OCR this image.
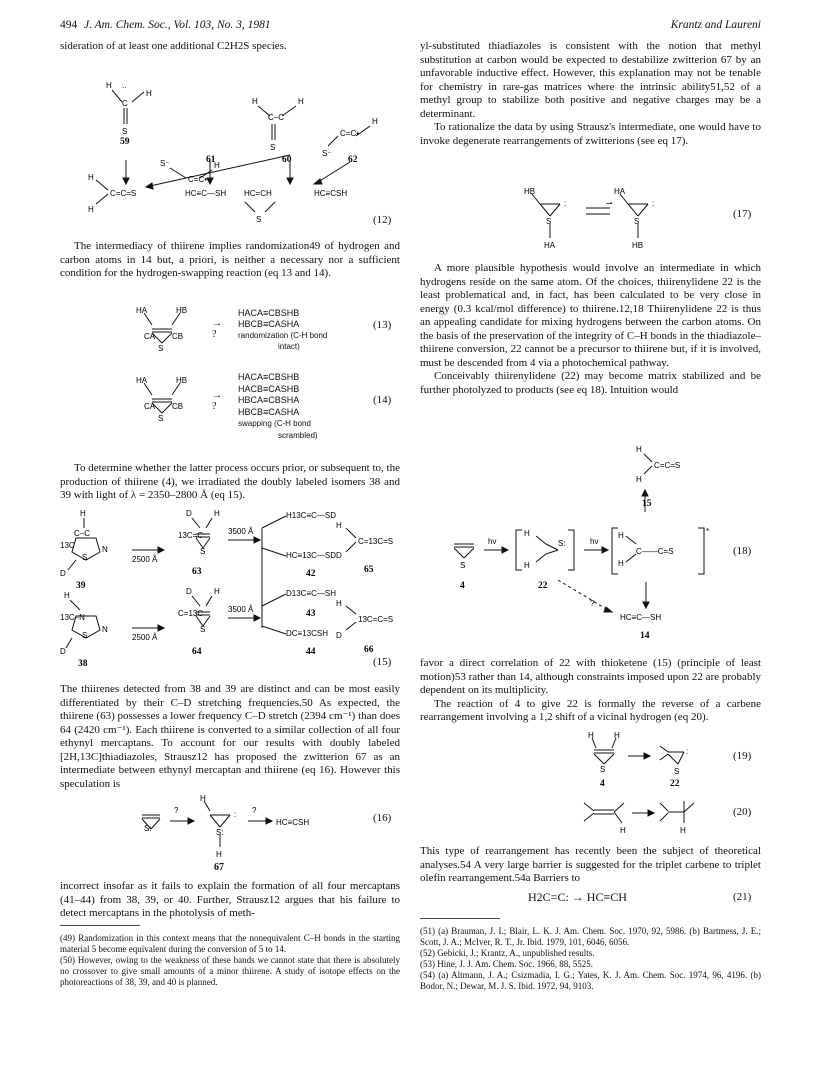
494 J. Am. Chem. Soc., Vol. 103, No. 3, 1981	Krantz and Laureni

sideration of at least one additional C2H2S species.

..
H
C
H
S
59
S⁻
C=C•
H
61
H
C–C
H
S
60
S⁻
C=C•
H
62
H
H
C=C=S	HC≡C—SH HC=CH
S
HC≡CSH
(12)

The intermediacy of thiirene implies randomization49 of hydrogen and carbon atoms in 14 but, a priori, is neither a necessary nor a sufficient condition for the hydrogen-swapping reaction (eq 13 and 14).

HA	HB
CA CB
S
→
?
HACA≡CBSHB
HBCB≡CASHA
randomization (C-H bond
intact)
(13)
HA	HB
CA CB
S
→
?
HACA≡CBSHB
HACB≡CASHB
HBCA≡CBSHA
HBCB≡CASHA
swapping (C-H bond
scrambled)
(14)

To determine whether the latter process occurs prior, or subsequent to, the production of thiirene (4), we irradiated the doubly labeled isomers 38 and 39 with light of λ = 2350–2800 Å (eq 15).

H
C–C
13C	N
S
D
39
2500 Å
D	H
13C=C
S
63
3500 Å
H13C≡C—SD
HC≡13C—SD
42
H
D
C=13C=S
65
H
13C–N
N
S
D
38
2500 Å
D	H
C=13C
S
64
3500 Å
D13C≡C—SH
DC≡13CSH
43
44
H
D
13C=C=S
66
(15)

The thiirenes detected from 38 and 39 are distinct and can be most easily differentiated by their C–D stretching frequencies.50 As expected, the thiirene (63) possesses a lower frequency C–D stretch (2394 cm⁻¹) than does 64 (2420 cm⁻¹). Each thiirene is converted to a similar collection of all four ethynyl mercaptans. To account for our results with doubly labeled [2H,13C]thiadiazoles, Strausz12 has proposed the zwitterion 67 as an intermediate between ethynyl mercaptan and thiirene (eq 16). However this speculation is

S:
?
H
:
S:
H
?
HC≡CSH
67
(16)

incorrect insofar as it fails to explain the formation of all four mercaptans (41–44) from 38, 39, or 40. Further, Strausz12 argues that his failure to detect mercaptans in the photolysis of meth-

(49) Randomization in this context means that the nonequivalent C–H bonds in the starting material 5 become equivalent during the conversion of 5 to 14.

(50) However, owing to the weakness of these bands we cannot state that there is absolutely no crossover to give small amounts of a minor thiirene. A study of isotope effects on the photoreactions of 38, 39, and 40 is planned.

yl-substituted thiadiazoles is consistent with the notion that methyl substitution at carbon would be expected to destabilize zwitterion 67 by an unfavorable inductive effect. However, this explanation may not be tenable for chemistry in rare-gas matrices where the intrinsic ability51,52 of a methyl group to stabilize both positive and negative charges may be a determinant.

To rationalize the data by using Strausz's intermediate, one would have to invoke degenerate rearrangements of zwitterions (see eq 17).

HB
:
S
HA
⇀
HA
:
S
HB
(17)

A more plausible hypothesis would involve an intermediate in which hydrogens reside on the same atom. Of the choices, thiirenylidene 22 is the least problematical and, in fact, has been calculated to be very close in energy (0.3 kcal/mol difference) to thiirene.12,18 Thiirenylidene 22 is thus an appealing candidate for mixing hydrogens between the carbon atoms. On the basis of the preservation of the integrity of C–H bonds in the thiadiazole–thiirene conversion, 22 cannot be a precursor to thiirene but, if it is involved, must be descended from 4 via a photochemical pathway.

Conceivably thiirenylidene (22) may become matrix stabilized and be further photolyzed to products (see eq 18). Intuition would

H
H
C=C=S
15
S
4
hν
H
H
S:	hν
H
H
C——C=S
*
22
?
HC≡C—SH
14
(18)

favor a direct correlation of 22 with thioketene (15) (principle of least motion)53 rather than 14, although constraints imposed upon 22 are probably dependent on its multiplicity.

The reaction of 4 to give 22 is formally the reverse of a carbene rearrangement involving a 1,2 shift of a vicinal hydrogen (eq 20).

H	H
S
:
S
4	22
(19)
H	H
(20)

This type of rearrangement has recently been the subject of theoretical analyses.54 A very large barrier is suggested for the triplet carbene to triplet olefin rearrangement.54a Barriers to

H2C=C: → HC≡CH	(21)

(51) (a) Brauman, J. I.; Blair, L. K. J. Am. Chem. Soc. 1970, 92, 5986. (b) Bartmess, J. E.; Scott, J. A.; McIver, R. T., Jr. Ibid. 1979, 101, 6046, 6056.

(52) Gebicki, J.; Krantz, A., unpublished results.

(53) Hine, J. J. Am. Chem. Soc. 1966, 88, 5525.

(54) (a) Altmann, J. A.; Csizmadia, I. G.; Yates, K. J. Am. Chem. Soc. 1974, 96, 4196. (b) Bodor, N.; Dewar, M. J. S. Ibid. 1972, 94, 9103.
